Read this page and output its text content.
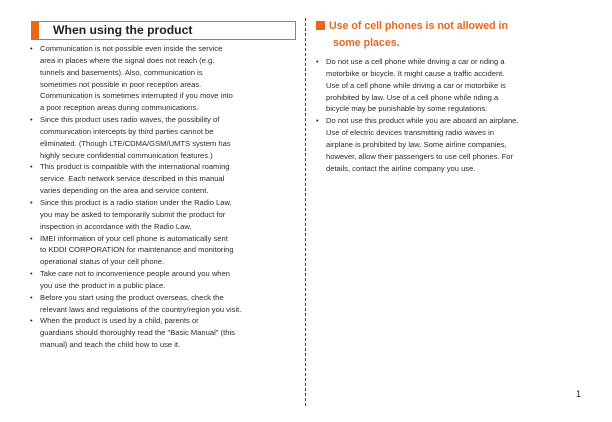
When using the product
• Communication is not possible even inside the service
area in places where the signal does not reach (e.g.
tunnels and basements). Also, communication is
sometimes not possible in poor reception areas.
Communication is sometimes interrupted if you move into
a poor reception areas during communications.
• Since this product uses radio waves, the possibility of
communication intercepts by third parties cannot be
eliminated. (Though LTE/CDMA/GSM/UMTS system has
highly secure confidential communication features.)
• This product is compatible with the international roaming
service. Each network service described in this manual
varies depending on the area and service content.
• Since this product is a radio station under the Radio Law,
you may be asked to temporarily submit the product for
inspection in accordance with the Radio Law.
• IMEI information of your cell phone is automatically sent
to KDDI CORPORATION for maintenance and monitoring
operational status of your cell phone.
• Take care not to inconvenience people around you when
you use the product in a public place.
• Before you start using the product overseas, check the
relevant laws and regulations of the country/region you visit.
• When the product is used by a child, parents or
guardians should thoroughly read the "Basic Manual" (this
manual) and teach the child how to use it.
Use of cell phones is not allowed in
some places.
• Do not use a cell phone while driving a car or riding a
motorbike or bicycle. It might cause a traffic accident.
Use of a cell phone while driving a car or motorbike is
prohibited by law. Use of a cell phone while riding a
bicycle may be punishable by some regulations.
• Do not use this product while you are aboard an airplane.
Use of electric devices transmitting radio waves in
airplane is prohibited by law. Some airline companies,
however, allow their passengers to use cell phones. For
details, contact the airline company you use.
1
